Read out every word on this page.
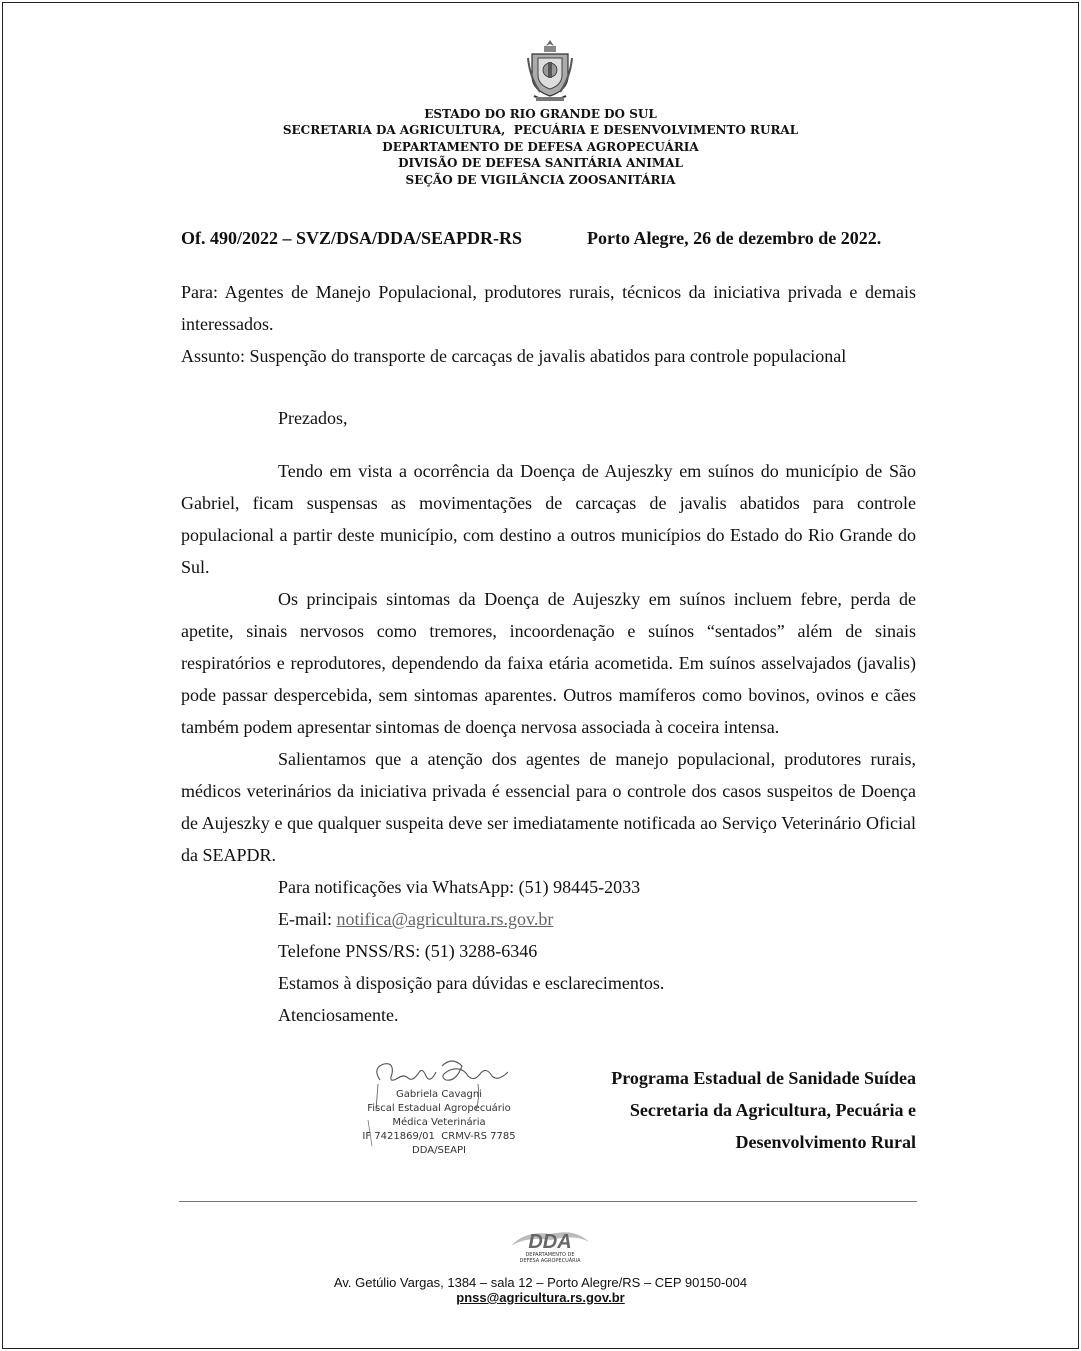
ESTADO DO RIO GRANDE DO SUL
SECRETARIA DA AGRICULTURA,  PECUÁRIA E DESENVOLVIMENTO RURAL
DEPARTAMENTO DE DEFESA AGROPECUÁRIA
DIVISÃO DE DEFESA SANITÁRIA ANIMAL
SEÇÃO DE VIGILÂNCIA ZOOSANITÁRIA
Of. 490/2022 – SVZ/DSA/DDA/SEAPDR-RS	Porto Alegre, 26 de dezembro de 2022.

Para: Agentes de Manejo Populacional, produtores rurais, técnicos da iniciativa privada e demais interessados.

Assunto: Suspenção do transporte de carcaças de javalis abatidos para controle populacional

Prezados,

Tendo em vista a ocorrência da Doença de Aujeszky em suínos do município de São Gabriel, ficam suspensas as movimentações de carcaças de javalis abatidos para controle populacional a partir deste município, com destino a outros municípios do Estado do Rio Grande do Sul.

Os principais sintomas da Doença de Aujeszky em suínos incluem febre, perda de apetite, sinais nervosos como tremores, incoordenação e suínos “sentados” além de sinais respiratórios e reprodutores, dependendo da faixa etária acometida. Em suínos asselvajados (javalis) pode passar despercebida, sem sintomas aparentes. Outros mamíferos como bovinos, ovinos e cães também podem apresentar sintomas de doença nervosa associada à coceira intensa.

Salientamos que a atenção dos agentes de manejo populacional, produtores rurais, médicos veterinários da iniciativa privada é essencial para o controle dos casos suspeitos de Doença de Aujeszky e que qualquer suspeita deve ser imediatamente notificada ao Serviço Veterinário Oficial da SEAPDR.

Para notificações via WhatsApp: (51) 98445-2033

E-mail: notifica@agricultura.rs.gov.br

Telefone PNSS/RS: (51) 3288-6346

Estamos à disposição para dúvidas e esclarecimentos.

Atenciosamente.

Gabriela Cavagni
Fiscal Estadual Agropecuário
Médica Veterinária
IF 7421869/01  CRMV-RS 7785
DDA/SEAPI
Programa Estadual de Sanidade Suídea
Secretaria da Agricultura, Pecuária e
Desenvolvimento Rural
DDA
DEPARTAMENTO DE
DEFESA AGROPECUÁRIA
Av. Getúlio Vargas, 1384 – sala 12 – Porto Alegre/RS – CEP 90150-004
pnss@agricultura.rs.gov.br
